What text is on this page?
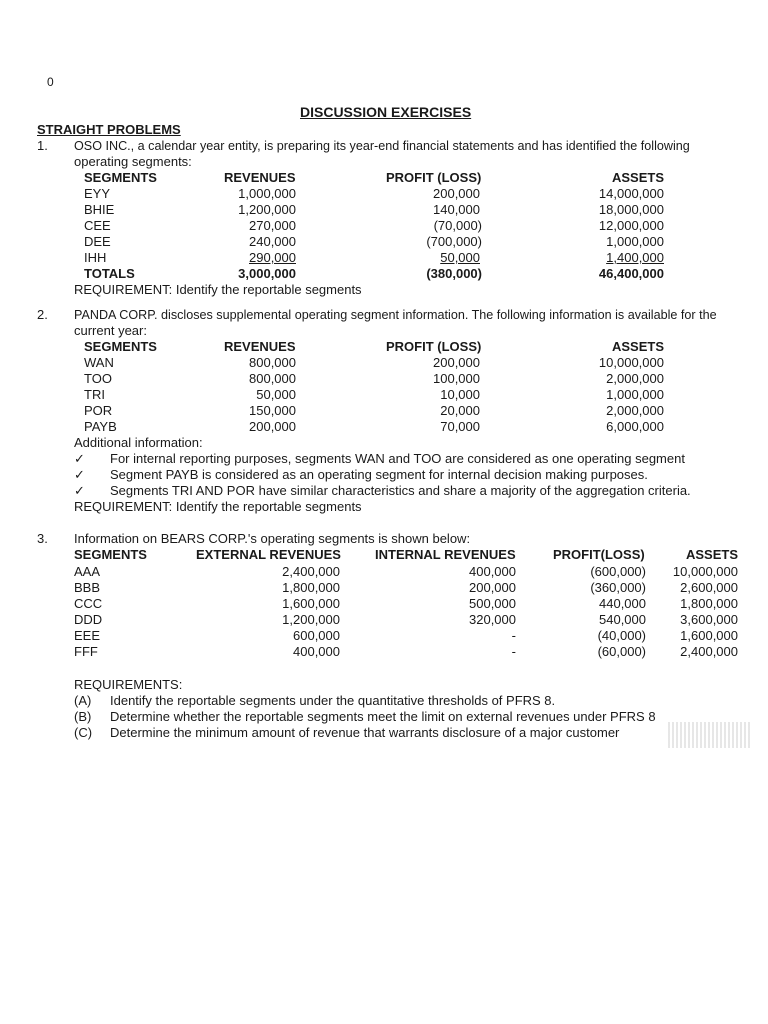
0
DISCUSSION EXERCISES
STRAIGHT PROBLEMS
1. OSO INC., a calendar year entity, is preparing its year-end financial statements and has identified the following
operating segments:
SEGMENTS	REVENUES	PROFIT (LOSS)	ASSETS
EYY	1,000,000	200,000	14,000,000
BHIE	1,200,000	140,000	18,000,000
CEE	270,000	(70,000)	12,000,000
DEE	240,000	(700,000)	1,000,000
IHH	290,000	50,000	1,400,000
TOTALS	3,000,000	(380,000)	46,400,000
REQUIREMENT: Identify the reportable segments
2. PANDA CORP. discloses supplemental operating segment information. The following information is available for the
current year:
SEGMENTS	REVENUES	PROFIT (LOSS)	ASSETS
WAN	800,000	200,000	10,000,000
TOO	800,000	100,000	2,000,000
TRI	50,000	10,000	1,000,000
POR	150,000	20,000	2,000,000
PAYB	200,000	70,000	6,000,000
Additional information:
✓ For internal reporting purposes, segments WAN and TOO are considered as one operating segment
✓ Segment PAYB is considered as an operating segment for internal decision making purposes.
✓ Segments TRI AND POR have similar characteristics and share a majority of the aggregation criteria.
REQUIREMENT: Identify the reportable segments
3. Information on BEARS CORP.'s operating segments is shown below:
SEGMENTS	EXTERNAL REVENUES	INTERNAL REVENUES	PROFIT(LOSS)	ASSETS
AAA	2,400,000	400,000	(600,000) 10,000,000
BBB	1,800,000	200,000	(360,000)	2,600,000
CCC	1,600,000	500,000	440,000	1,800,000
DDD	1,200,000	320,000	540,000	3,600,000
EEE	600,000	-	(40,000)	1,600,000
FFF	400,000	-	(60,000)	2,400,000
REQUIREMENTS:
(A) Identify the reportable segments under the quantitative thresholds of PFRS 8.
(B) Determine whether the reportable segments meet the limit on external revenues under PFRS 8
(C) Determine the minimum amount of revenue that warrants disclosure of a major customer
